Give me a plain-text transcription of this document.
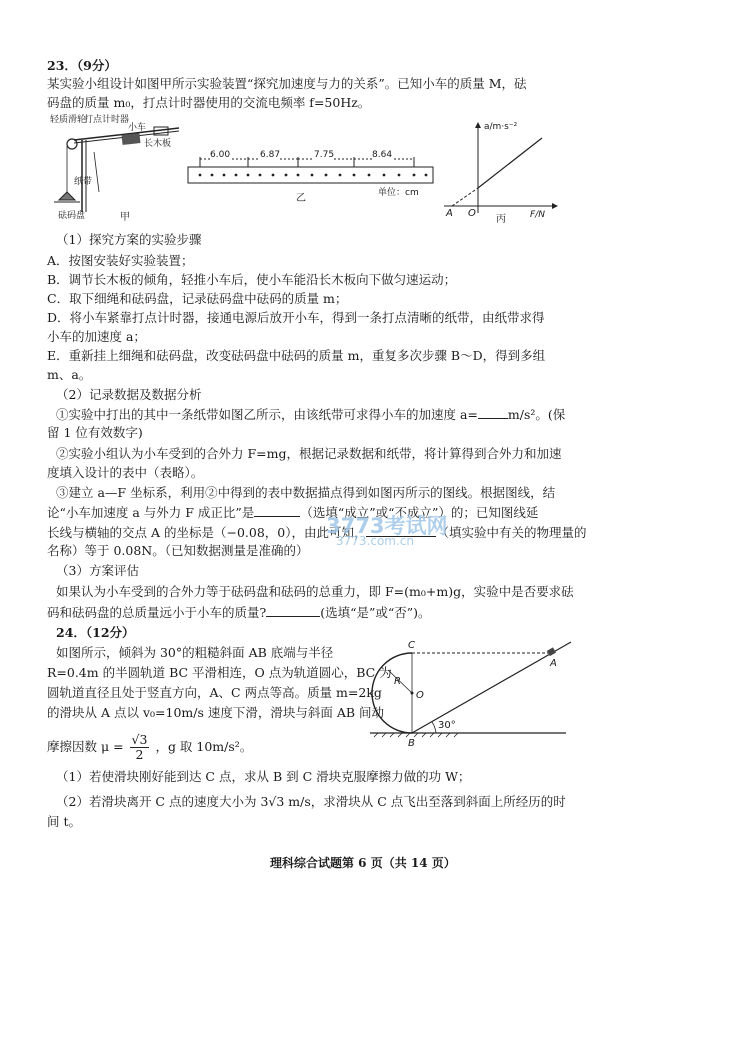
23．（9分）
某实验小组设计如图甲所示实验装置“探究加速度与力的关系”。已知小车的质量 M，砝
码盘的质量 m₀，打点计时器使用的交流电频率 f=50Hz。
轻质滑轮
打点计时器
小车
长木板
纸带
砝码盘	甲
6.00	6.87	7.75	8.64
乙	单位：cm
a/m·s⁻²
A O
丙	F/N
（1）探究方案的实验步骤
A．按图安装好实验装置；
B．调节长木板的倾角，轻推小车后，使小车能沿长木板向下做匀速运动；
C．取下细绳和砝码盘，记录砝码盘中砝码的质量 m；
D．将小车紧靠打点计时器，接通电源后放开小车，得到一条打点清晰的纸带，由纸带求得
小车的加速度 a；
E．重新挂上细绳和砝码盘，改变砝码盘中砝码的质量 m，重复多次步骤 B～D，得到多组
m、a。
（2）记录数据及数据分析
①实验中打出的其中一条纸带如图乙所示，由该纸带可求得小车的加速度 a= m/s²。(保
留 1 位有效数字)
②实验小组认为小车受到的合外力 F=mg，根据记录数据和纸带，将计算得到合外力和加速
度填入设计的表中（表略）。
③建立 a—F 坐标系，利用②中得到的表中数据描点得到如图丙所示的图线。根据图线，结
论“小车加速度 a 与外力 F 成正比”是	（选填“成立”或“不成立”）的；已知图线延
长线与横轴的交点 A 的坐标是（−0.08，0），由此可知，	（填实验中有关的物理量的
名称）等于 0.08N。（已知数据测量是准确的）
3773考试网
3773.com.cn
（3）方案评估
如果认为小车受到的合外力等于砝码盘和砝码的总重力，即 F=(m₀+m)g，实验中是否要求砝
码和砝码盘的总质量远小于小车的质量?	(选填“是”或“否”)。
24．（12分）
如图所示，倾斜为 30°的粗糙斜面 AB 底端与半径
R=0.4m 的半圆轨道 BC 平滑相连，O 点为轨道圆心，BC 为
圆轨道直径且处于竖直方向，A、C 两点等高。质量 m=2kg
的滑块从 A 点以 v₀=10m/s 速度下滑，滑块与斜面 AB 间动
摩擦因数 $\mu = \frac{√3}{2}$ ，g 取 10m/s²。
C
A
R
O
B
30°
（1）若使滑块刚好能到达 C 点，求从 B 到 C 滑块克服摩擦力做的功 W；
（2）若滑块离开 C 点的速度大小为 3√3 m/s，求滑块从 C 点飞出至落到斜面上所经历的时
间 t。
理科综合试题第 6 页（共 14 页）
